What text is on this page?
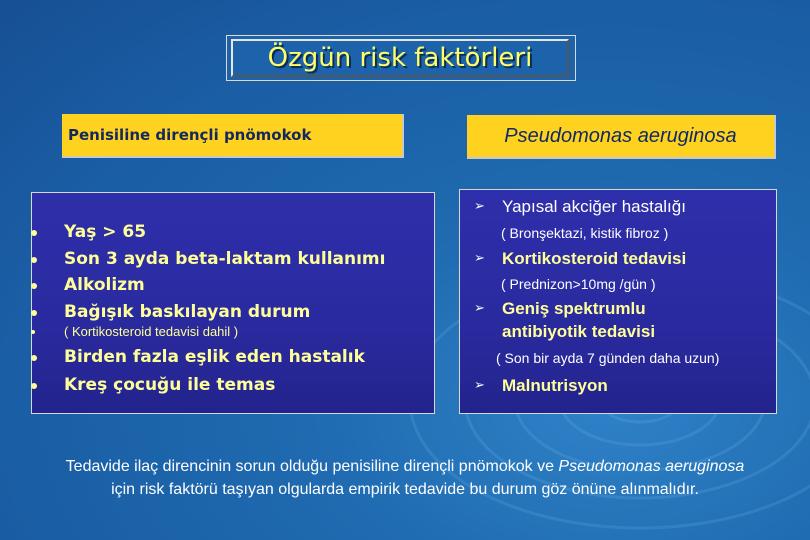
Özgün risk faktörleri
Penisiline dirençli pnömokok	Pseudomonas aeruginosa
Yaş > 65
Son 3 ayda beta-laktam kullanımı
Alkolizm
Bağışık baskılayan durum
( Kortikosteroid tedavisi dahil )
Birden fazla eşlik eden hastalık
Kreş çocuğu ile temas
➢ Yapısal akciğer hastalığı
( Bronşektazi, kistik fibroz )
➢ Kortikosteroid tedavisi
( Prednizon>10mg /gün )
➢ Geniş spektrumlu
antibiyotik tedavisi
( Son bir ayda 7 günden daha uzun)
➢ Malnutrisyon
Tedavide ilaç direncinin sorun olduğu penisiline dirençli pnömokok ve Pseudomonas aeruginosa
için risk faktörü taşıyan olgularda empirik tedavide bu durum göz önüne alınmalıdır.
